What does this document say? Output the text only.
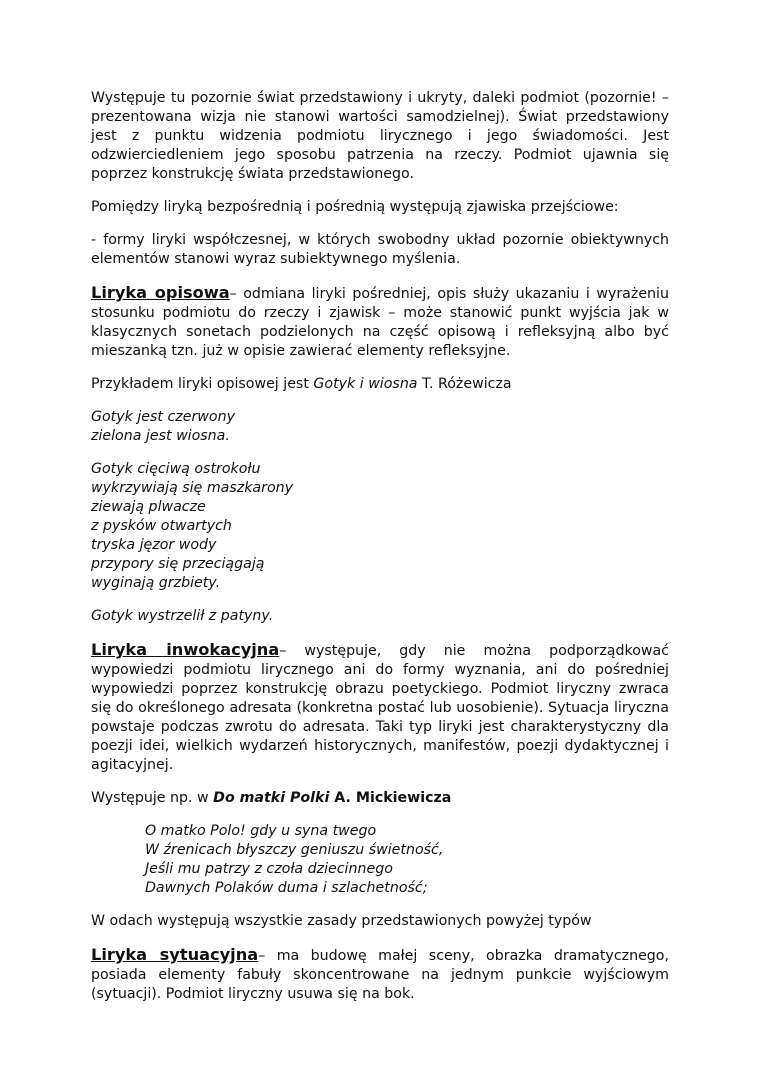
Występuje tu pozornie świat przedstawiony i ukryty, daleki podmiot (pozornie! – prezentowana wizja nie stanowi wartości samodzielnej). Świat przedstawiony jest z punktu widzenia podmiotu lirycznego i jego świadomości. Jest odzwierciedleniem jego sposobu patrzenia na rzeczy. Podmiot ujawnia się poprzez konstrukcję świata przedstawionego.

Pomiędzy liryką bezpośrednią i pośrednią występują zjawiska przejściowe:

- formy liryki współczesnej, w których swobodny układ pozornie obiektywnych elementów stanowi wyraz subiektywnego myślenia.

Liryka opisowa– odmiana liryki pośredniej, opis służy ukazaniu i wyrażeniu stosunku podmiotu do rzeczy i zjawisk – może stanowić punkt wyjścia jak w klasycznych sonetach podzielonych na część opisową i refleksyjną albo być mieszanką tzn. już w opisie zawierać elementy refleksyjne.

Przykładem liryki opisowej jest Gotyk i wiosna T. Różewicza

Gotyk jest czerwony
zielona jest wiosna.
Gotyk cięciwą ostrokołu
wykrzywiają się maszkarony
ziewają plwacze
z pysków otwartych
tryska jęzor wody
przypory się przeciągają
wyginają grzbiety.
Gotyk wystrzelił z patyny.

Liryka inwokacyjna– występuje, gdy nie można podporządkować wypowiedzi podmiotu lirycznego ani do formy wyznania, ani do pośredniej wypowiedzi poprzez konstrukcję obrazu poetyckiego. Podmiot liryczny zwraca się do określonego adresata (konkretna postać lub uosobienie). Sytuacja liryczna powstaje podczas zwrotu do adresata. Taki typ liryki jest charakterystyczny dla poezji idei, wielkich wydarzeń historycznych, manifestów, poezji dydaktycznej i agitacyjnej.

Występuje np. w Do matki Polki A. Mickiewicza

O matko Polo! gdy u syna twego
W źrenicach błyszczy geniuszu świetność,
Jeśli mu patrzy z czoła dziecinnego
Dawnych Polaków duma i szlachetność;

W odach występują wszystkie zasady przedstawionych powyżej typów

Liryka sytuacyjna– ma budowę małej sceny, obrazka dramatycznego, posiada elementy fabuły skoncentrowane na jednym punkcie wyjściowym (sytuacji). Podmiot liryczny usuwa się na bok.
